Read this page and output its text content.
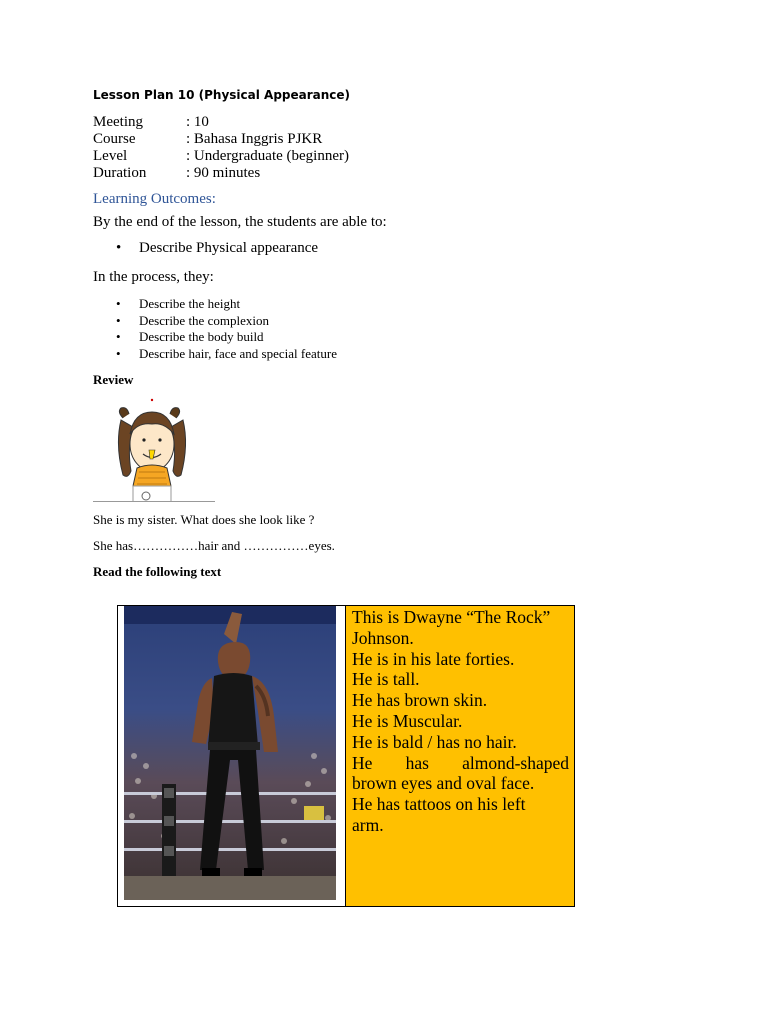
Lesson Plan 10 (Physical Appearance)
Meeting	: 10
Course	: Bahasa Inggris PJKR
Level	: Undergraduate (beginner)
Duration	: 90 minutes
Learning Outcomes:
By the end of the lesson, the students are able to:
• Describe Physical appearance
In the process, they:
• Describe the height
• Describe the complexion
• Describe the body build
• Describe hair, face and special feature
Review
She is my sister. What does she look like ?
She has……………hair and ……………eyes.
Read the following text
This is Dwayne “The Rock”
Johnson.
He is in his late forties.
He is tall.
He has brown skin.
He is Muscular.
He is bald / has no hair.
He has almond-shaped
brown eyes and oval face.
He has tattoos on his left
arm.
